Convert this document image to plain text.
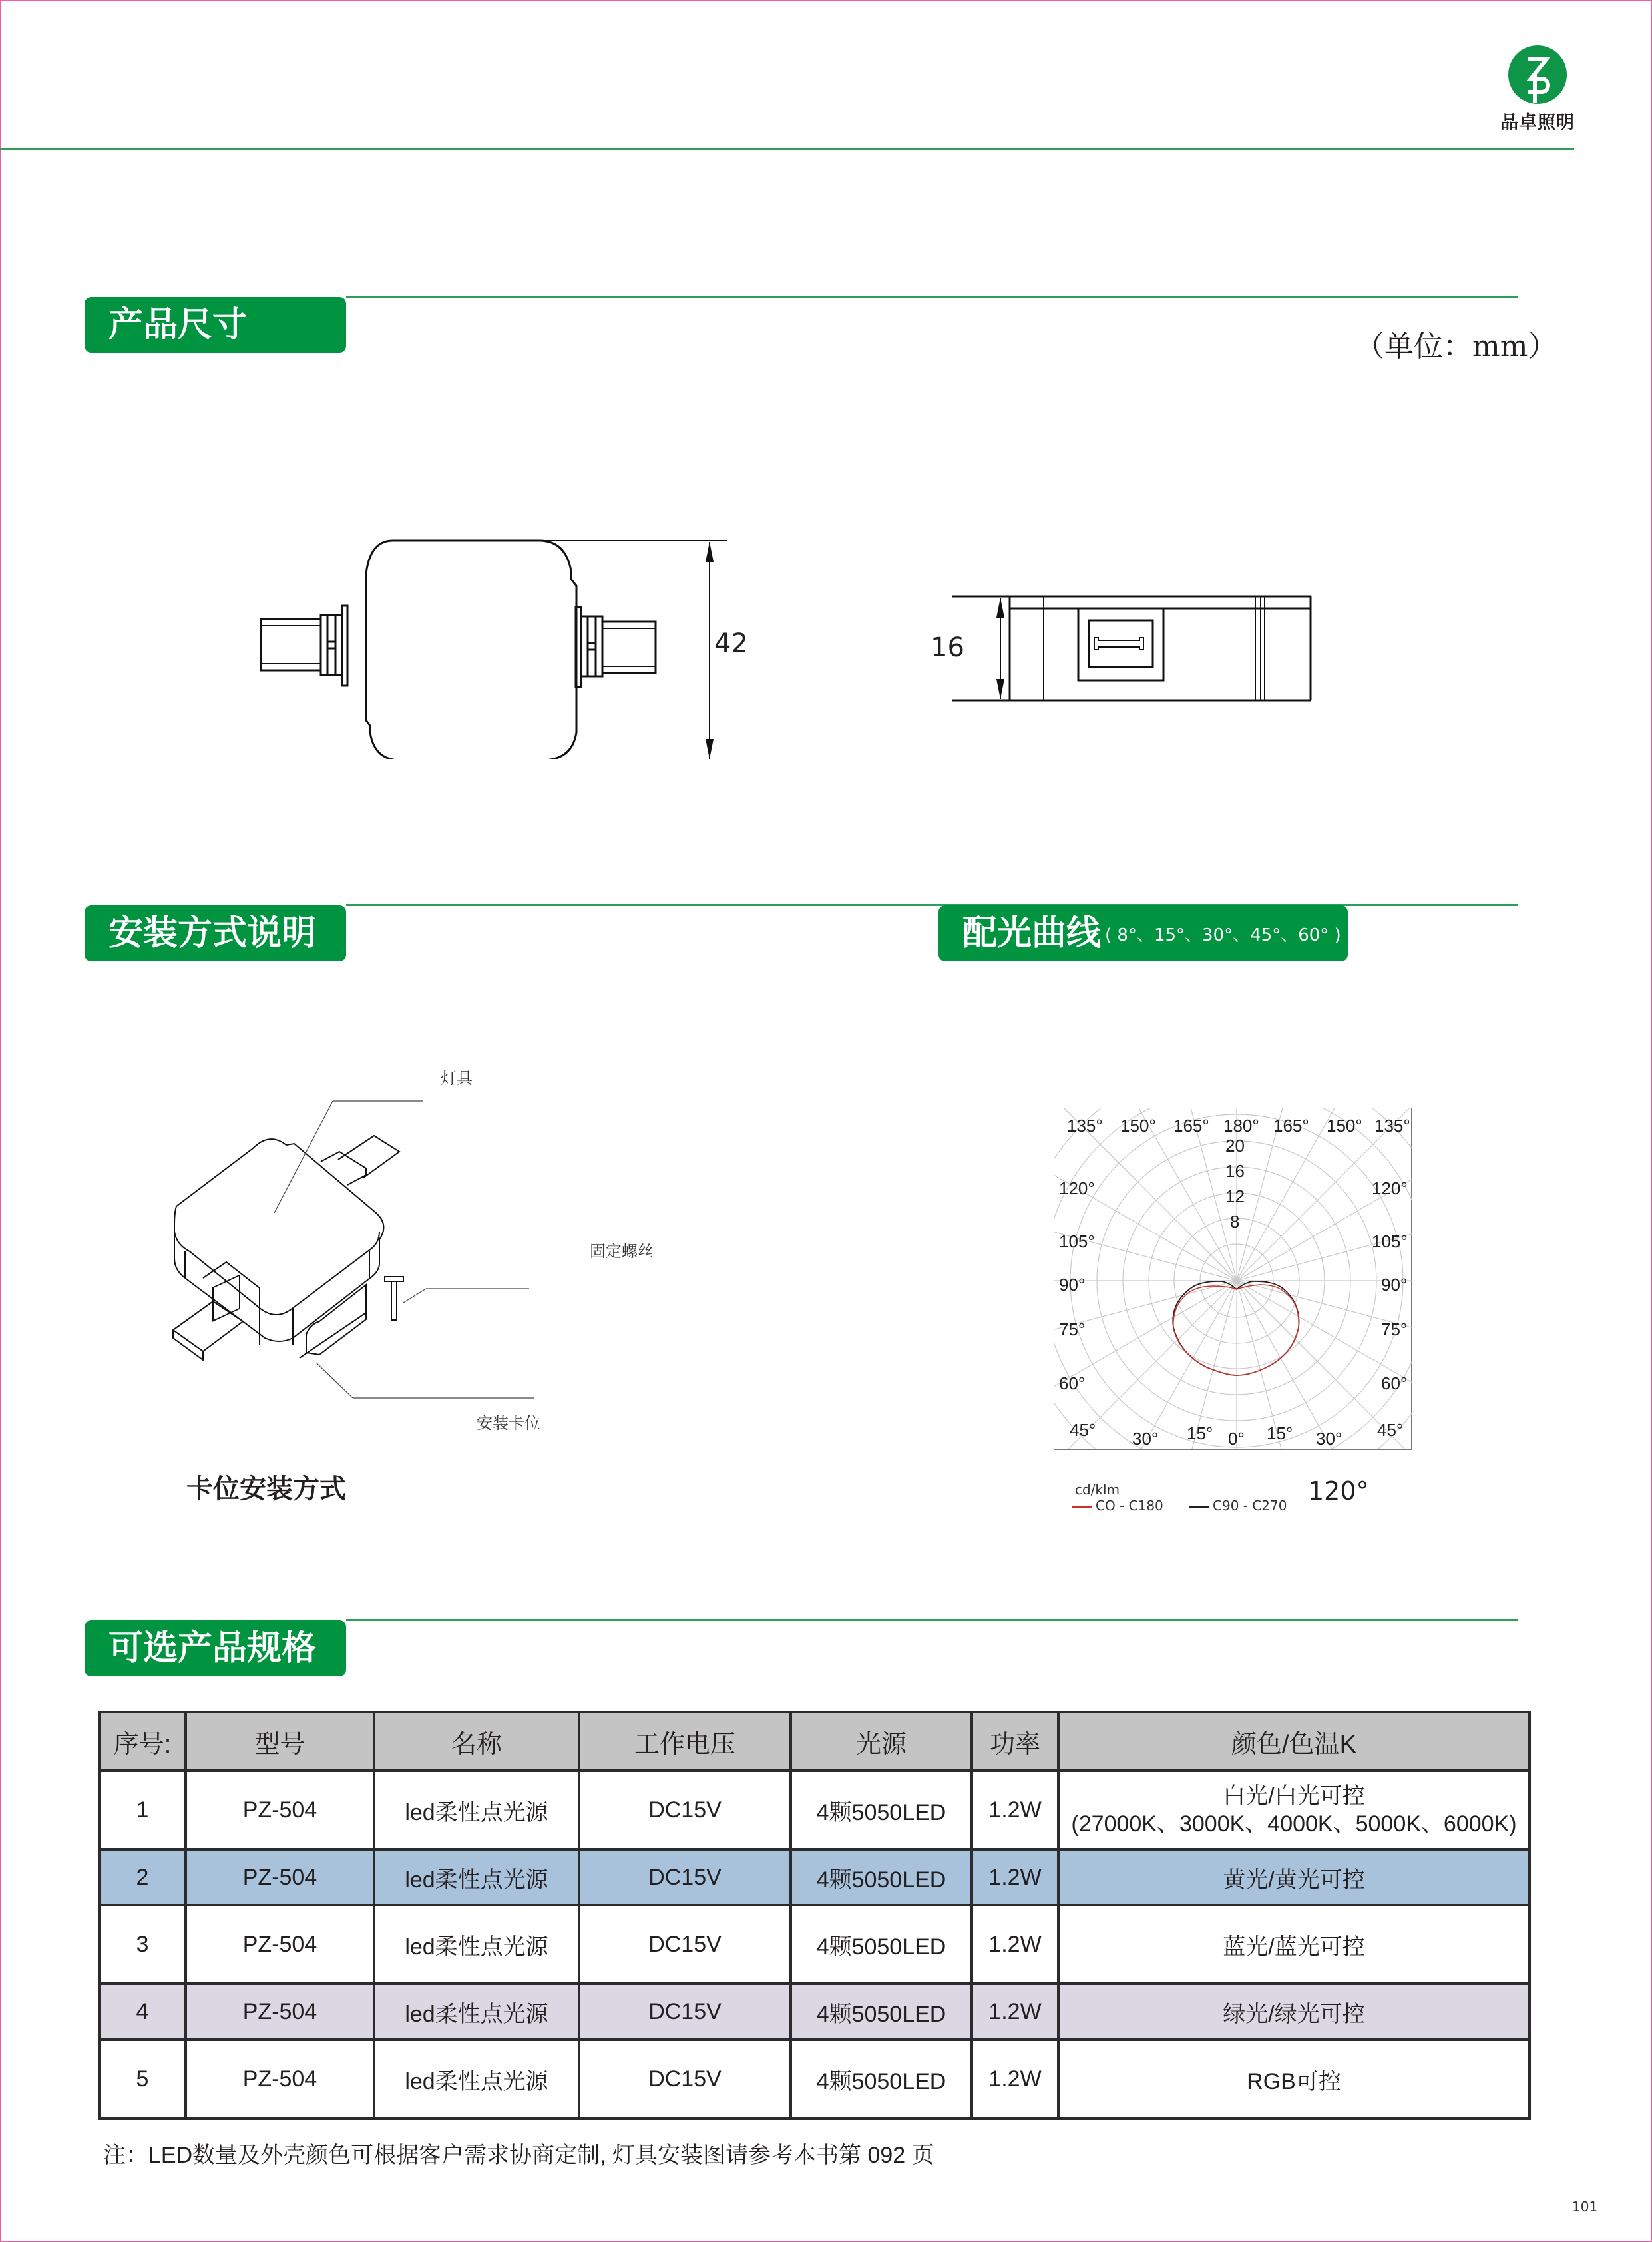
品卓照明
产品尺寸
（单位：mm）
42	16
安装方式说明	配光曲线 ( 8°、15°、30°、45°、60° )
灯具
固定螺丝
安装卡位
卡位安装方式
135° 150° 165° 180° 165° 150° 135°
20
16
12
8
120°	120°
105°	105°
90°	90°
75°	75°
60°	60°
45°	45°
30° 15° 0° 15° 30°
cd/klm
CO - C180	C90 - C270 120°
可选产品规格
序号:	型号	名称	工作电压	光源	功率	颜色/色温K
1	PZ-504	led柔性点光源	DC15V	4颗5050LED	1.2W	白光/白光可控
(27000K、3000K、4000K、5000K、6000K)

2	PZ-504	led柔性点光源	DC15V	4颗5050LED	1.2W	黄光/黄光可控
3	PZ-504	led柔性点光源	DC15V	4颗5050LED	1.2W	蓝光/蓝光可控
4	PZ-504	led柔性点光源	DC15V	4颗5050LED	1.2W	绿光/绿光可控
5	PZ-504	led柔性点光源	DC15V	4颗5050LED	1.2W	RGB可控
注：LED数量及外壳颜色可根据客户需求协商定制, 灯具安装图请参考本书第 092 页
101
